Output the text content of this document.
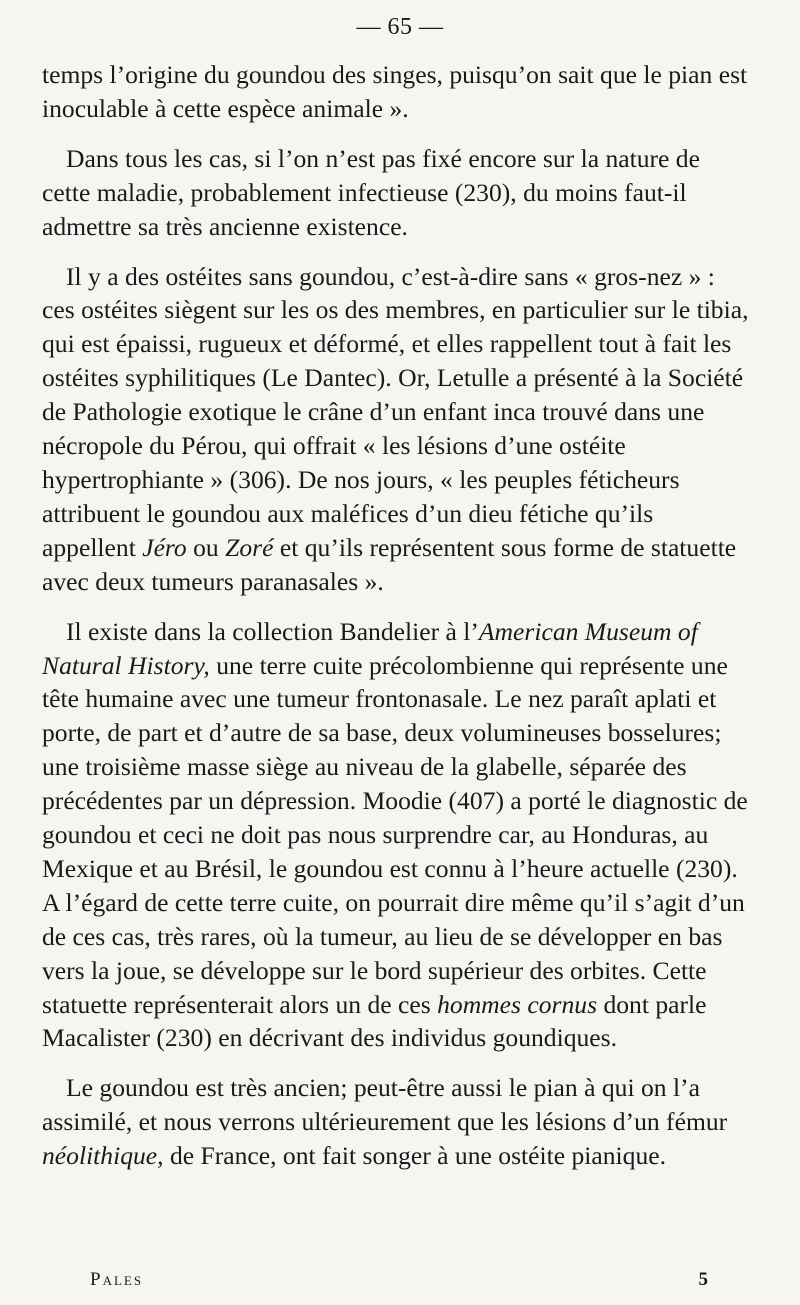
— 65 —

temps l’origine du goundou des singes, puisqu’on sait que le pian est inoculable à cette espèce animale ».

Dans tous les cas, si l’on n’est pas fixé encore sur la nature de cette maladie, probablement infectieuse (230), du moins faut-il admettre sa très ancienne existence.

Il y a des ostéites sans goundou, c’est-à-dire sans « gros-nez » : ces ostéites siègent sur les os des membres, en particulier sur le tibia, qui est épaissi, rugueux et déformé, et elles rappellent tout à fait les ostéites syphilitiques (Le Dantec). Or, Letulle a présenté à la Société de Pathologie exotique le crâne d’un enfant inca trouvé dans une nécropole du Pérou, qui offrait « les lésions d’une ostéite hypertrophiante » (306). De nos jours, « les peuples féticheurs attribuent le goundou aux maléfices d’un dieu fétiche qu’ils appellent Jéro ou Zoré et qu’ils représentent sous forme de statuette avec deux tumeurs paranasales ».

Il existe dans la collection Bandelier à l’American Museum of Natural History, une terre cuite précolombienne qui représente une tête humaine avec une tumeur frontonasale. Le nez paraît aplati et porte, de part et d’autre de sa base, deux volumineuses bosselures; une troisième masse siège au niveau de la glabelle, séparée des précédentes par un dépression. Moodie (407) a porté le diagnostic de goundou et ceci ne doit pas nous surprendre car, au Honduras, au Mexique et au Brésil, le goundou est connu à l’heure actuelle (230). A l’égard de cette terre cuite, on pourrait dire même qu’il s’agit d’un de ces cas, très rares, où la tumeur, au lieu de se développer en bas vers la joue, se développe sur le bord supérieur des orbites. Cette statuette représenterait alors un de ces hommes cornus dont parle Macalister (230) en décrivant des individus goundiques.

Le goundou est très ancien; peut-être aussi le pian à qui on l’a assimilé, et nous verrons ultérieurement que les lésions d’un fémur néolithique, de France, ont fait songer à une ostéite pianique.

Pales	5
